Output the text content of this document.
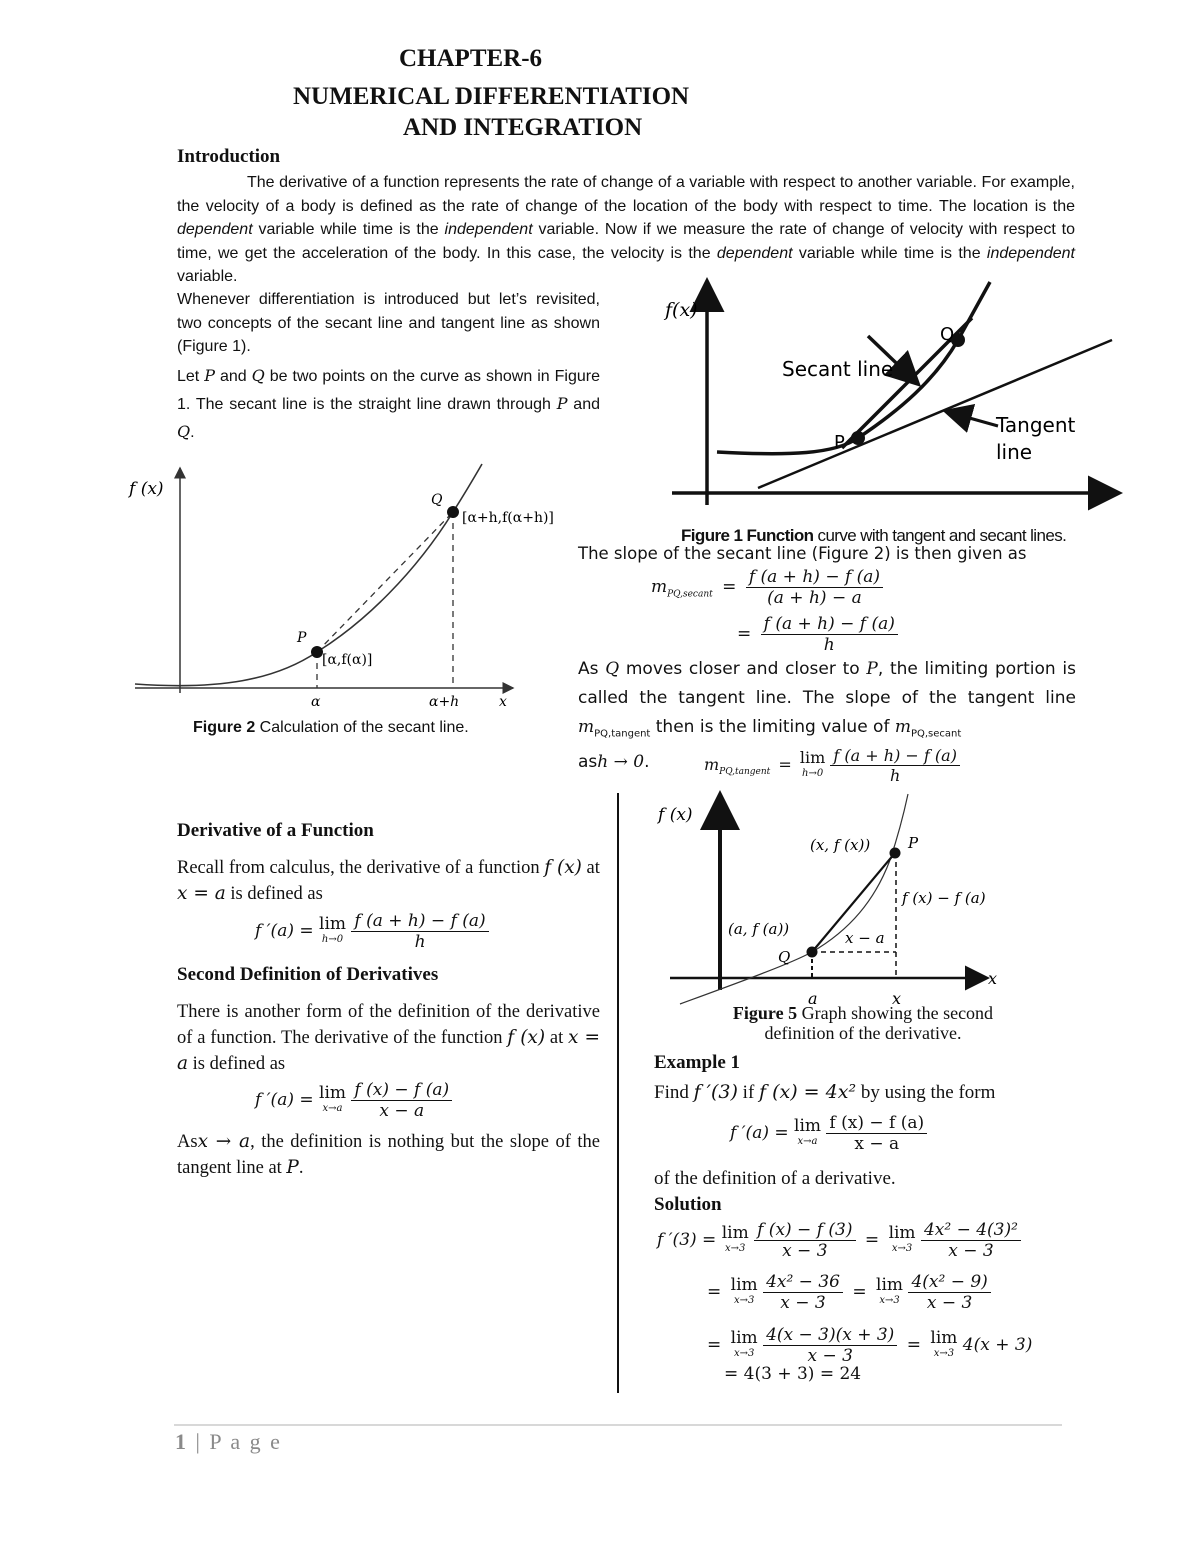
CHAPTER-6
NUMERICAL DIFFERENTIATION
AND INTEGRATION
Introduction
The derivative of a function represents the rate of change of a variable with respect to another variable. For example, the velocity of a body is defined as the rate of change of the location of the body with respect to time. The location is the dependent variable while time is the independent variable. Now if we measure the rate of change of velocity with respect to time, we get the acceleration of the body. In this case, the velocity is the dependent variable while time is the independent variable.
Whenever differentiation is introduced but let’s revisited, two concepts of the secant line and tangent line as shown (Figure 1).
Let P and Q be two points on the curve as shown in Figure 1. The secant line is the straight line drawn through P and Q.
f(x)
Secant line
Tangent
line
P
Q
Figure 1 Function curve with tangent and secant lines.
f (x)
P
Q
[α,f(α)]
[α+h,f(α+h)]
α	α+h	x
Figure 2 Calculation of the secant line.
The slope of the secant line (Figure 2) is then given as
$m_{PQ,secant} = \frac{f (a + h) - f (a)}{(a + h) - a}$
= $\frac{f (a + h) - f (a)}{h}$
As Q moves closer and closer to P, the limiting portion is called the tangent line. The slope of the tangent line $m_{PQ,tangent}$ then is the limiting value of $m_{PQ,secant}$
ash → 0.	$m_{PQ,tangent} = \lim$
h→0
$\frac{f (a + h) - f (a)}{h}$
Derivative of a Function
Recall from calculus, the derivative of a function f (x) at x = a is defined as
f ′(a) = lim
h→0
$\frac{f (a + h) - f (a)}{h}$
Second Definition of Derivatives
There is another form of the definition of the derivative of a function. The derivative of the function f (x) at x = a is defined as
f ′(a) = lim
x→a
$\frac{f (x) - f (a)}{x - a}$
Asx → a, the definition is nothing but the slope of the tangent line at P.
f (x)
x
(x, f (x))	P
(a, f (a))
Q
f (x) − f (a)
x − a
a	x
Figure 5 Graph showing the second
definition of the derivative.
Example 1
Find f ′(3) if f (x) = 4x² by using the form
f ′(a) = lim
x→a
$\frac{f (x) - f (a)}{x - a}$
of the definition of a derivative.
Solution
f ′(3) = lim
x→3
$\frac{f (x) - f (3)}{x - 3} = \lim$
x→3
$\frac{\text{4x² − 4(3)²}}{x - 3}$
= lim
x→3
$\frac{\text{4x² − 36}}{x - 3} = \lim$
x→3
$\frac{\text{4(x² − 9)}}{x - 3}$
= lim
x→3
$\frac{4(x - 3)(x + 3)}{x - 3} = \lim$
x→3 4(x + 3)
= 4(3 + 3) = 24
1 | P a g e
